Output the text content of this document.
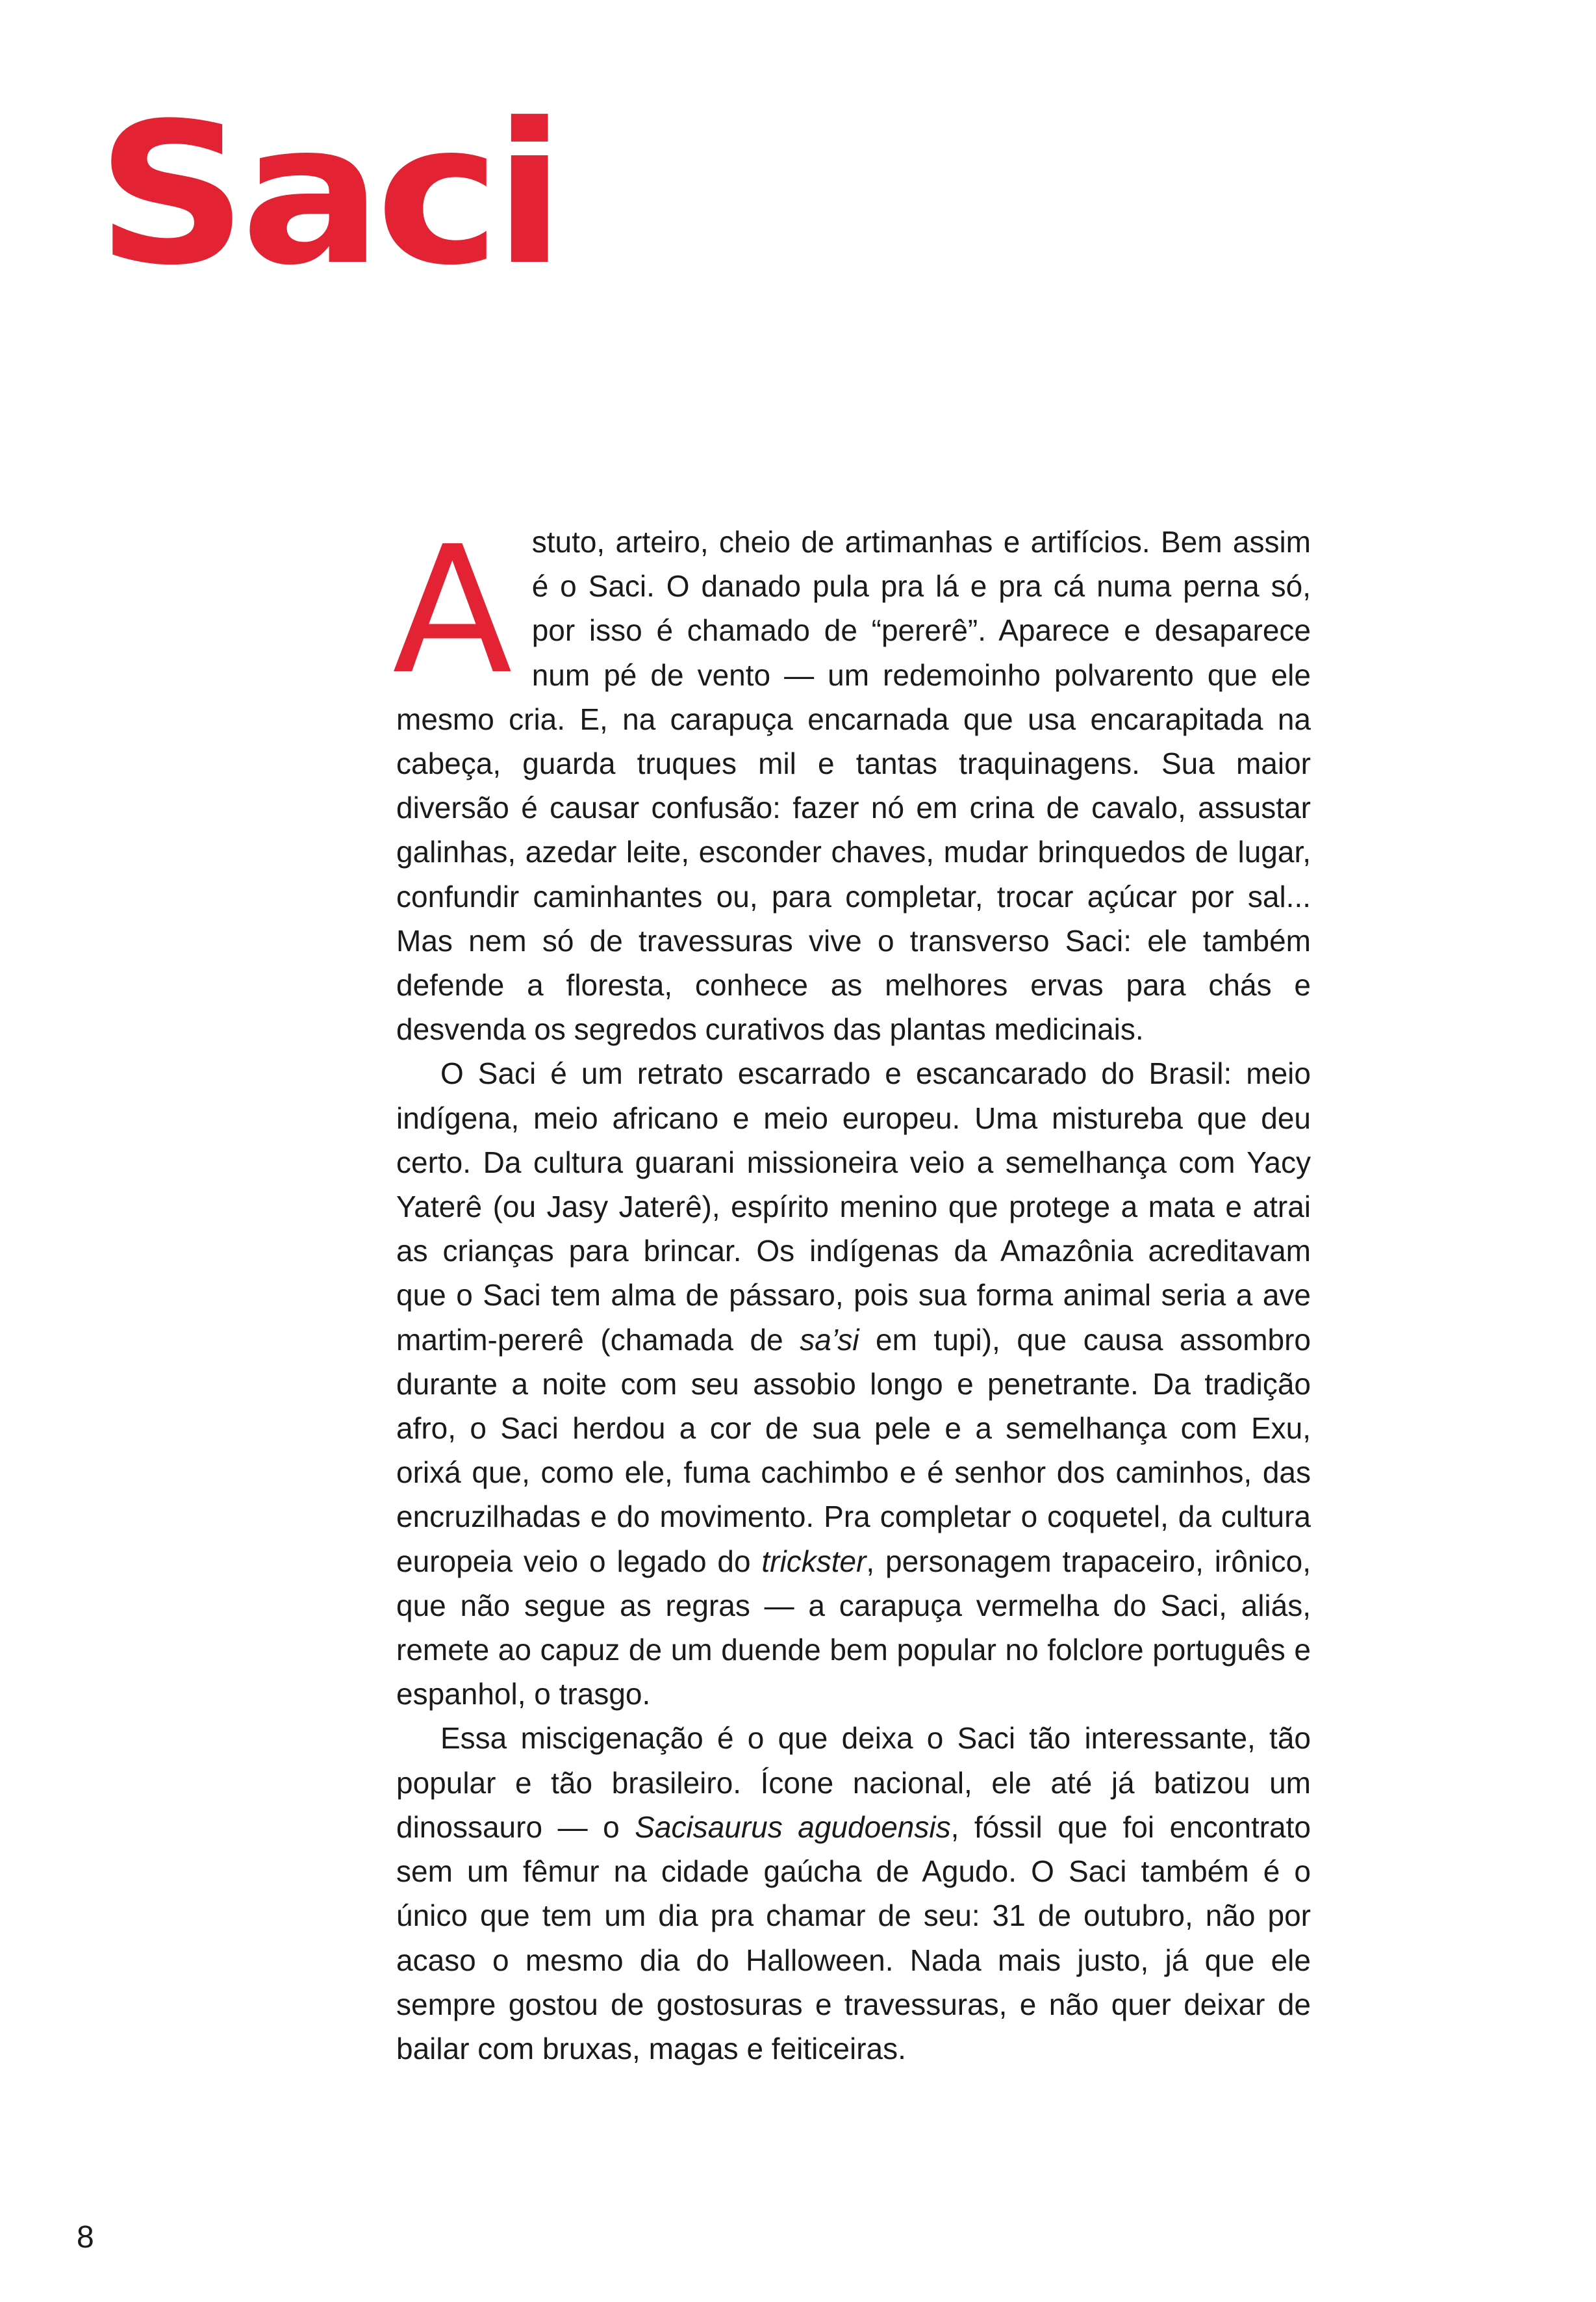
Saci

Astuto, arteiro, cheio de artimanhas e artifícios. Bem assim é o Saci. O danado pula pra lá e pra cá numa perna só, por isso é chamado de “pererê”. Aparece e desaparece num pé de vento — um redemoinho polvarento que ele mesmo cria. E, na carapuça encarnada que usa encarapitada na cabeça, guarda truques mil e tantas traquinagens. Sua maior diversão é causar confusão: fazer nó em crina de cavalo, assustar galinhas, azedar leite, esconder chaves, mudar brinquedos de lugar, confundir caminhantes ou, para completar, trocar açúcar por sal... Mas nem só de travessuras vive o transverso Saci: ele também defende a floresta, conhece as melhores ervas para chás e desvenda os segredos curativos das plantas medicinais.

O Saci é um retrato escarrado e escancarado do Brasil: meio indígena, meio africano e meio europeu. Uma mistureba que deu certo. Da cultura guarani missioneira veio a semelhança com Yacy Yaterê (ou Jasy Jaterê), espírito menino que protege a mata e atrai as crianças para brincar. Os indígenas da Amazônia acreditavam que o Saci tem alma de pássaro, pois sua forma animal seria a ave martim-pererê (chamada de sa’si em tupi), que causa assombro durante a noite com seu assobio longo e penetrante. Da tradição afro, o Saci herdou a cor de sua pele e a semelhança com Exu, orixá que, como ele, fuma cachimbo e é senhor dos caminhos, das encruzilhadas e do movimento. Pra completar o coquetel, da cultura europeia veio o legado do trickster, personagem trapaceiro, irônico, que não segue as regras — a carapuça vermelha do Saci, aliás, remete ao capuz de um duende bem popular no folclore português e espanhol, o trasgo.

Essa miscigenação é o que deixa o Saci tão interessante, tão popular e tão brasileiro. Ícone nacional, ele até já batizou um dinossauro — o Sacisaurus agudoensis, fóssil que foi encontrato sem um fêmur na cidade gaúcha de Agudo. O Saci também é o único que tem um dia pra chamar de seu: 31 de outubro, não por acaso o mesmo dia do Halloween. Nada mais justo, já que ele sempre gostou de gostosuras e travessuras, e não quer deixar de bailar com bruxas, magas e feiticeiras.

8
